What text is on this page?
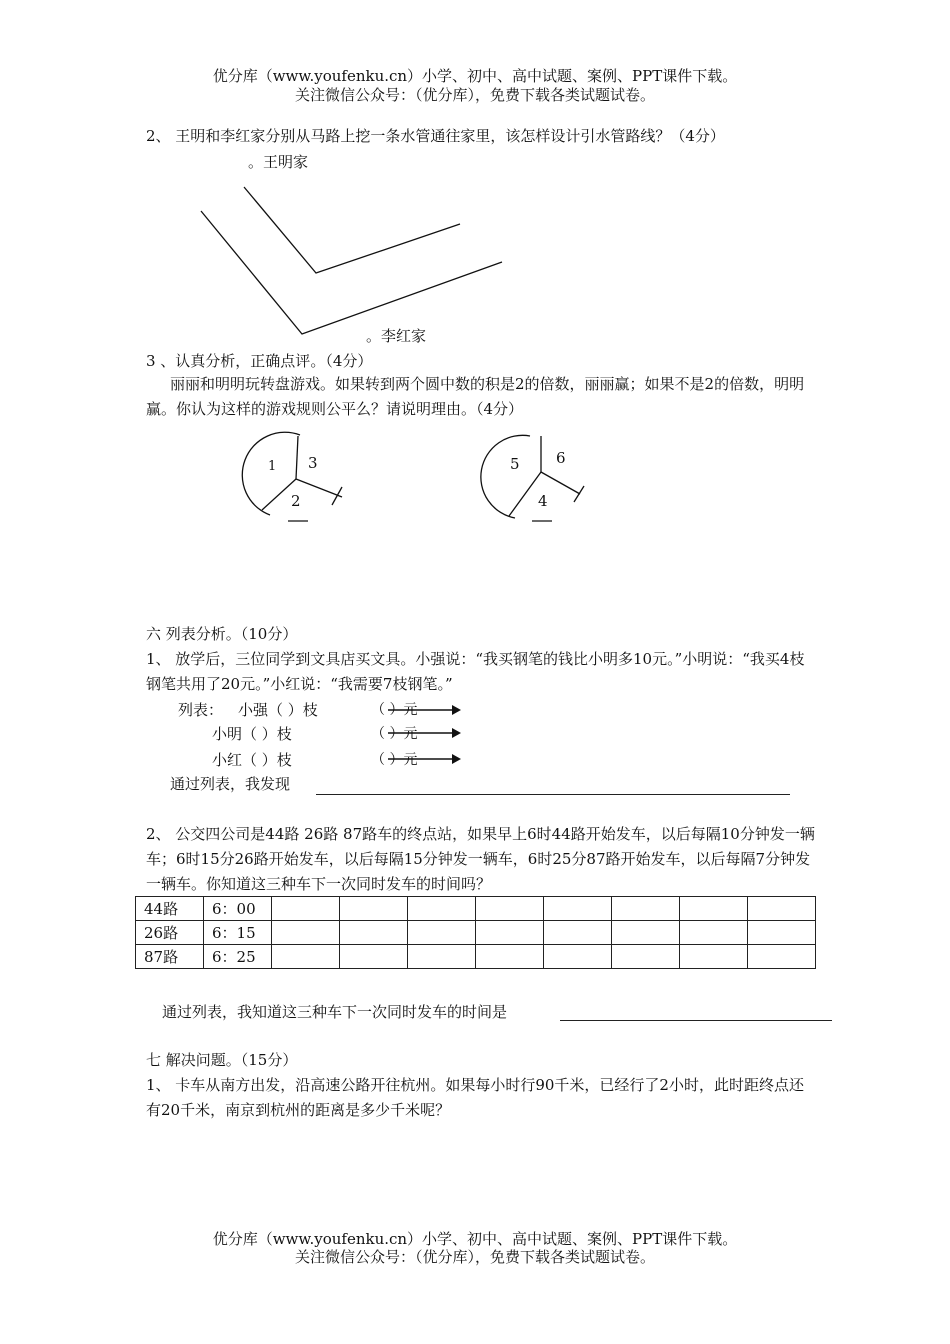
优分库（www.youfenku.cn）小学、初中、高中试题、案例、PPT课件下载。
关注微信公众号：（优分库），免费下载各类试题试卷。
2、 王明和李红家分别从马路上挖一条水管通往家里，该怎样设计引水管路线？（4分）
。王明家
。李红家
3 、认真分析，正确点评。（4分）
丽丽和明明玩转盘游戏。如果转到两个圆中数的积是2的倍数，丽丽赢；如果不是2的倍数，明明赢。你认为这样的游戏规则公平么？请说明理由。（4分）
1 3
2
5 6
4
六 列表分析。（10分）
1、 放学后，三位同学到文具店买文具。小强说：“我买钢笔的钱比小明多10元。”小明说：“我买4枝钢笔共用了20元。”小红说：“我需要7枝钢笔。”
列表： 小强（ ）枝	（ ）元
小明（ ）枝	（ ）元
小红（ ）枝	（ ）元
通过列表，我发现
2、 公交四公司是44路 26路 87路车的终点站，如果早上6时44路开始发车，以后每隔10分钟发一辆车；6时15分26路开始发车，以后每隔15分钟发一辆车，6时25分87路开始发车，以后每隔7分钟发一辆车。你知道这三种车下一次同时发车的时间吗？
44路	6：00								
26路	6：15								
87路	6：25								
通过列表，我知道这三种车下一次同时发车的时间是
七 解决问题。（15分）
1、 卡车从南方出发，沿高速公路开往杭州。如果每小时行90千米，已经行了2小时，此时距终点还有20千米，南京到杭州的距离是多少千米呢？
优分库（www.youfenku.cn）小学、初中、高中试题、案例、PPT课件下载。
关注微信公众号：（优分库），免费下载各类试题试卷。
